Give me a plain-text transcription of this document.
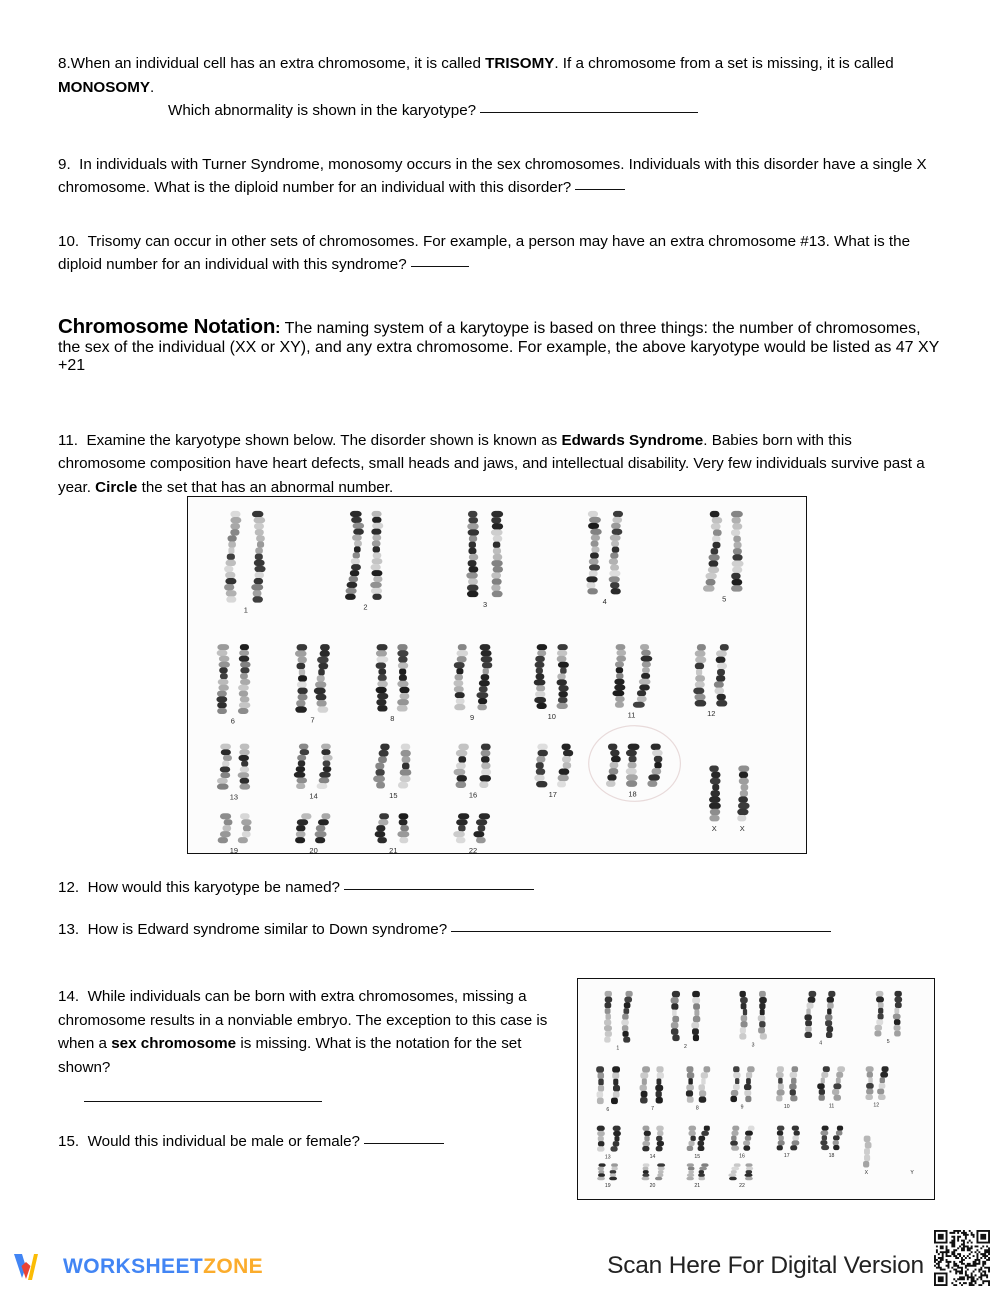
8.When an individual cell has an extra chromosome, it is called TRISOMY. If a chromosome from a set is missing, it is called MONOSOMY.

Which abnormality is shown in the karyotype?

9. In individuals with Turner Syndrome, monosomy occurs in the sex chromosomes. Individuals with this disorder have a single X chromosome. What is the diploid number for an individual with this disorder?

10. Trisomy can occur in other sets of chromosomes. For example, a person may have an extra chromosome #13. What is the diploid number for an individual with this syndrome?

Chromosome Notation: The naming system of a karytoype is based on three things: the number of chromosomes, the sex of the individual (XX or XY), and any extra chromosome. For example, the above karyotype would be listed as 47 XY +21

11. Examine the karyotype shown below. The disorder shown is known as Edwards Syndrome. Babies born with this chromosome composition have heart defects, small heads and jaws, and intellectual disability. Very few individuals survive past a year. Circle the set that has an abnormal number.

1	2	3	4	5
6	7	8	9	10	11	12
13	14	15	16	17	18
19	20	21	22
X	X

12. How would this karyotype be named?

13. How is Edward syndrome similar to Down syndrome?

14. While individuals can be born with extra chromosomes, missing a chromosome results in a nonviable embryo. The exception to this case is when a sex chromosome is missing. What is the notation for the set shown?

15. Would this individual be male or female?

1	2	3	4	5
6	7	8	9	10	11	12
13	14	15	16	17	18
19	20	21	22
X	Y
WORKSHEETZONE	Scan Here For Digital Version
